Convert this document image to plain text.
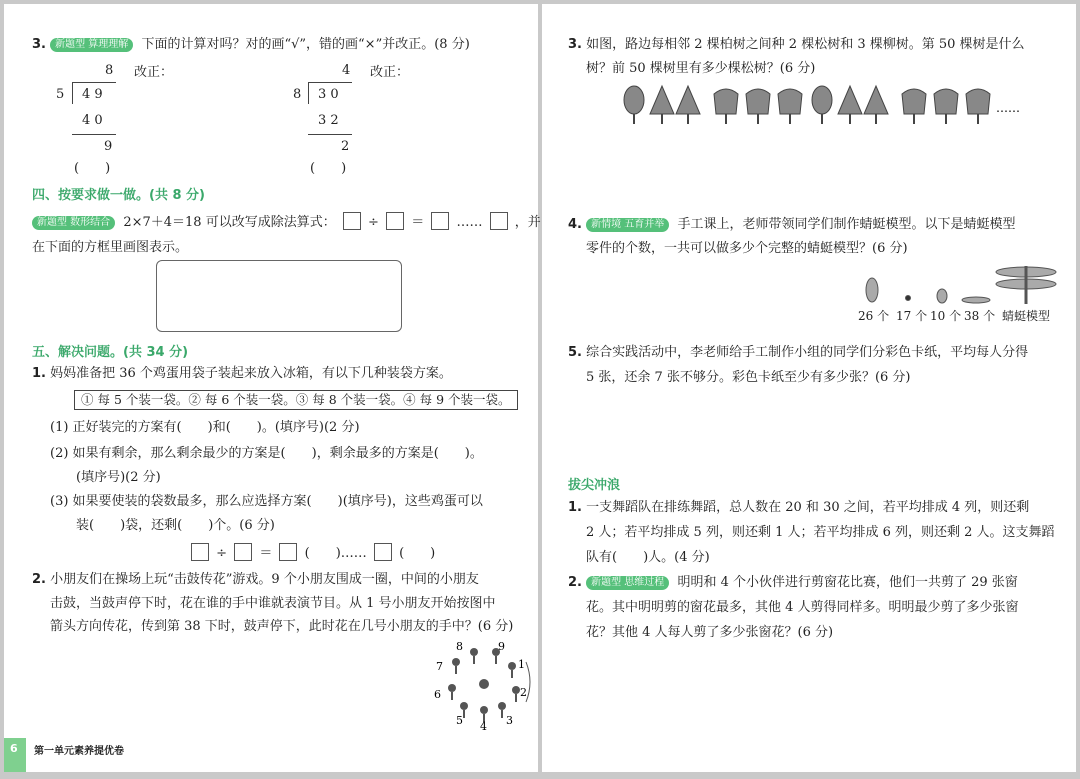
3. 新题型 算理理解 下面的计算对吗？对的画“√”，错的画“×”并改正。(8 分)
8 改正：
5 4 9
4 0
9
(　　)
4 改正：
8 3 0
3 2
2
(　　)
四、按要求做一做。(共 8 分)
新题型 数形结合 2×7＋4＝18 可以改写成除法算式： ÷ ＝ …… ，并
在下面的方框里画图表示。
五、解决问题。(共 34 分)
1. 妈妈准备把 36 个鸡蛋用袋子装起来放入冰箱，有以下几种装袋方案。
① 每 5 个装一袋。② 每 6 个装一袋。③ 每 8 个装一袋。④ 每 9 个装一袋。
(1) 正好装完的方案有(　　)和(　　)。(填序号)(2 分)
(2) 如果有剩余，那么剩余最少的方案是(　　)，剩余最多的方案是(　　)。
(填序号)(2 分)
(3) 如果要使装的袋数最多，那么应选择方案(　　)(填序号)，这些鸡蛋可以
装(　　)袋，还剩(　　)个。(6 分)
÷ ＝ (　　)…… (　　)
2. 小朋友们在操场上玩“击鼓传花”游戏。9 个小朋友围成一圈，中间的小朋友
击鼓，当鼓声停下时，花在谁的手中谁就表演节目。从 1 号小朋友开始按图中
箭头方向传花，传到第 38 下时，鼓声停下，此时花在几号小朋友的手中？(6 分)
1
2
3
4
5
6
7
8	9
3. 如图，路边每相邻 2 棵柏树之间种 2 棵松树和 3 棵柳树。第 50 棵树是什么
树？前 50 棵树里有多少棵松树？(6 分)
……
4. 新情境 五育并举 手工课上，老师带领同学们制作蜻蜓模型。以下是蜻蜓模型
零件的个数，一共可以做多少个完整的蜻蜓模型？(6 分)
26 个 17 个 10 个 38 个 蜻蜓模型
5. 综合实践活动中，李老师给手工制作小组的同学们分彩色卡纸，平均每人分得
5 张，还余 7 张不够分。彩色卡纸至少有多少张？(6 分)
拔尖冲浪
1. 一支舞蹈队在排练舞蹈，总人数在 20 和 30 之间，若平均排成 4 列，则还剩
2 人；若平均排成 5 列，则还剩 1 人；若平均排成 6 列，则还剩 2 人。这支舞蹈
队有(　　)人。(4 分)
2. 新题型 思维过程 明明和 4 个小伙伴进行剪窗花比赛，他们一共剪了 29 张窗
花。其中明明剪的窗花最多，其他 4 人剪得同样多。明明最少剪了多少张窗
花？其他 4 人每人剪了多少张窗花？(6 分)
6 第一单元素养提优卷
